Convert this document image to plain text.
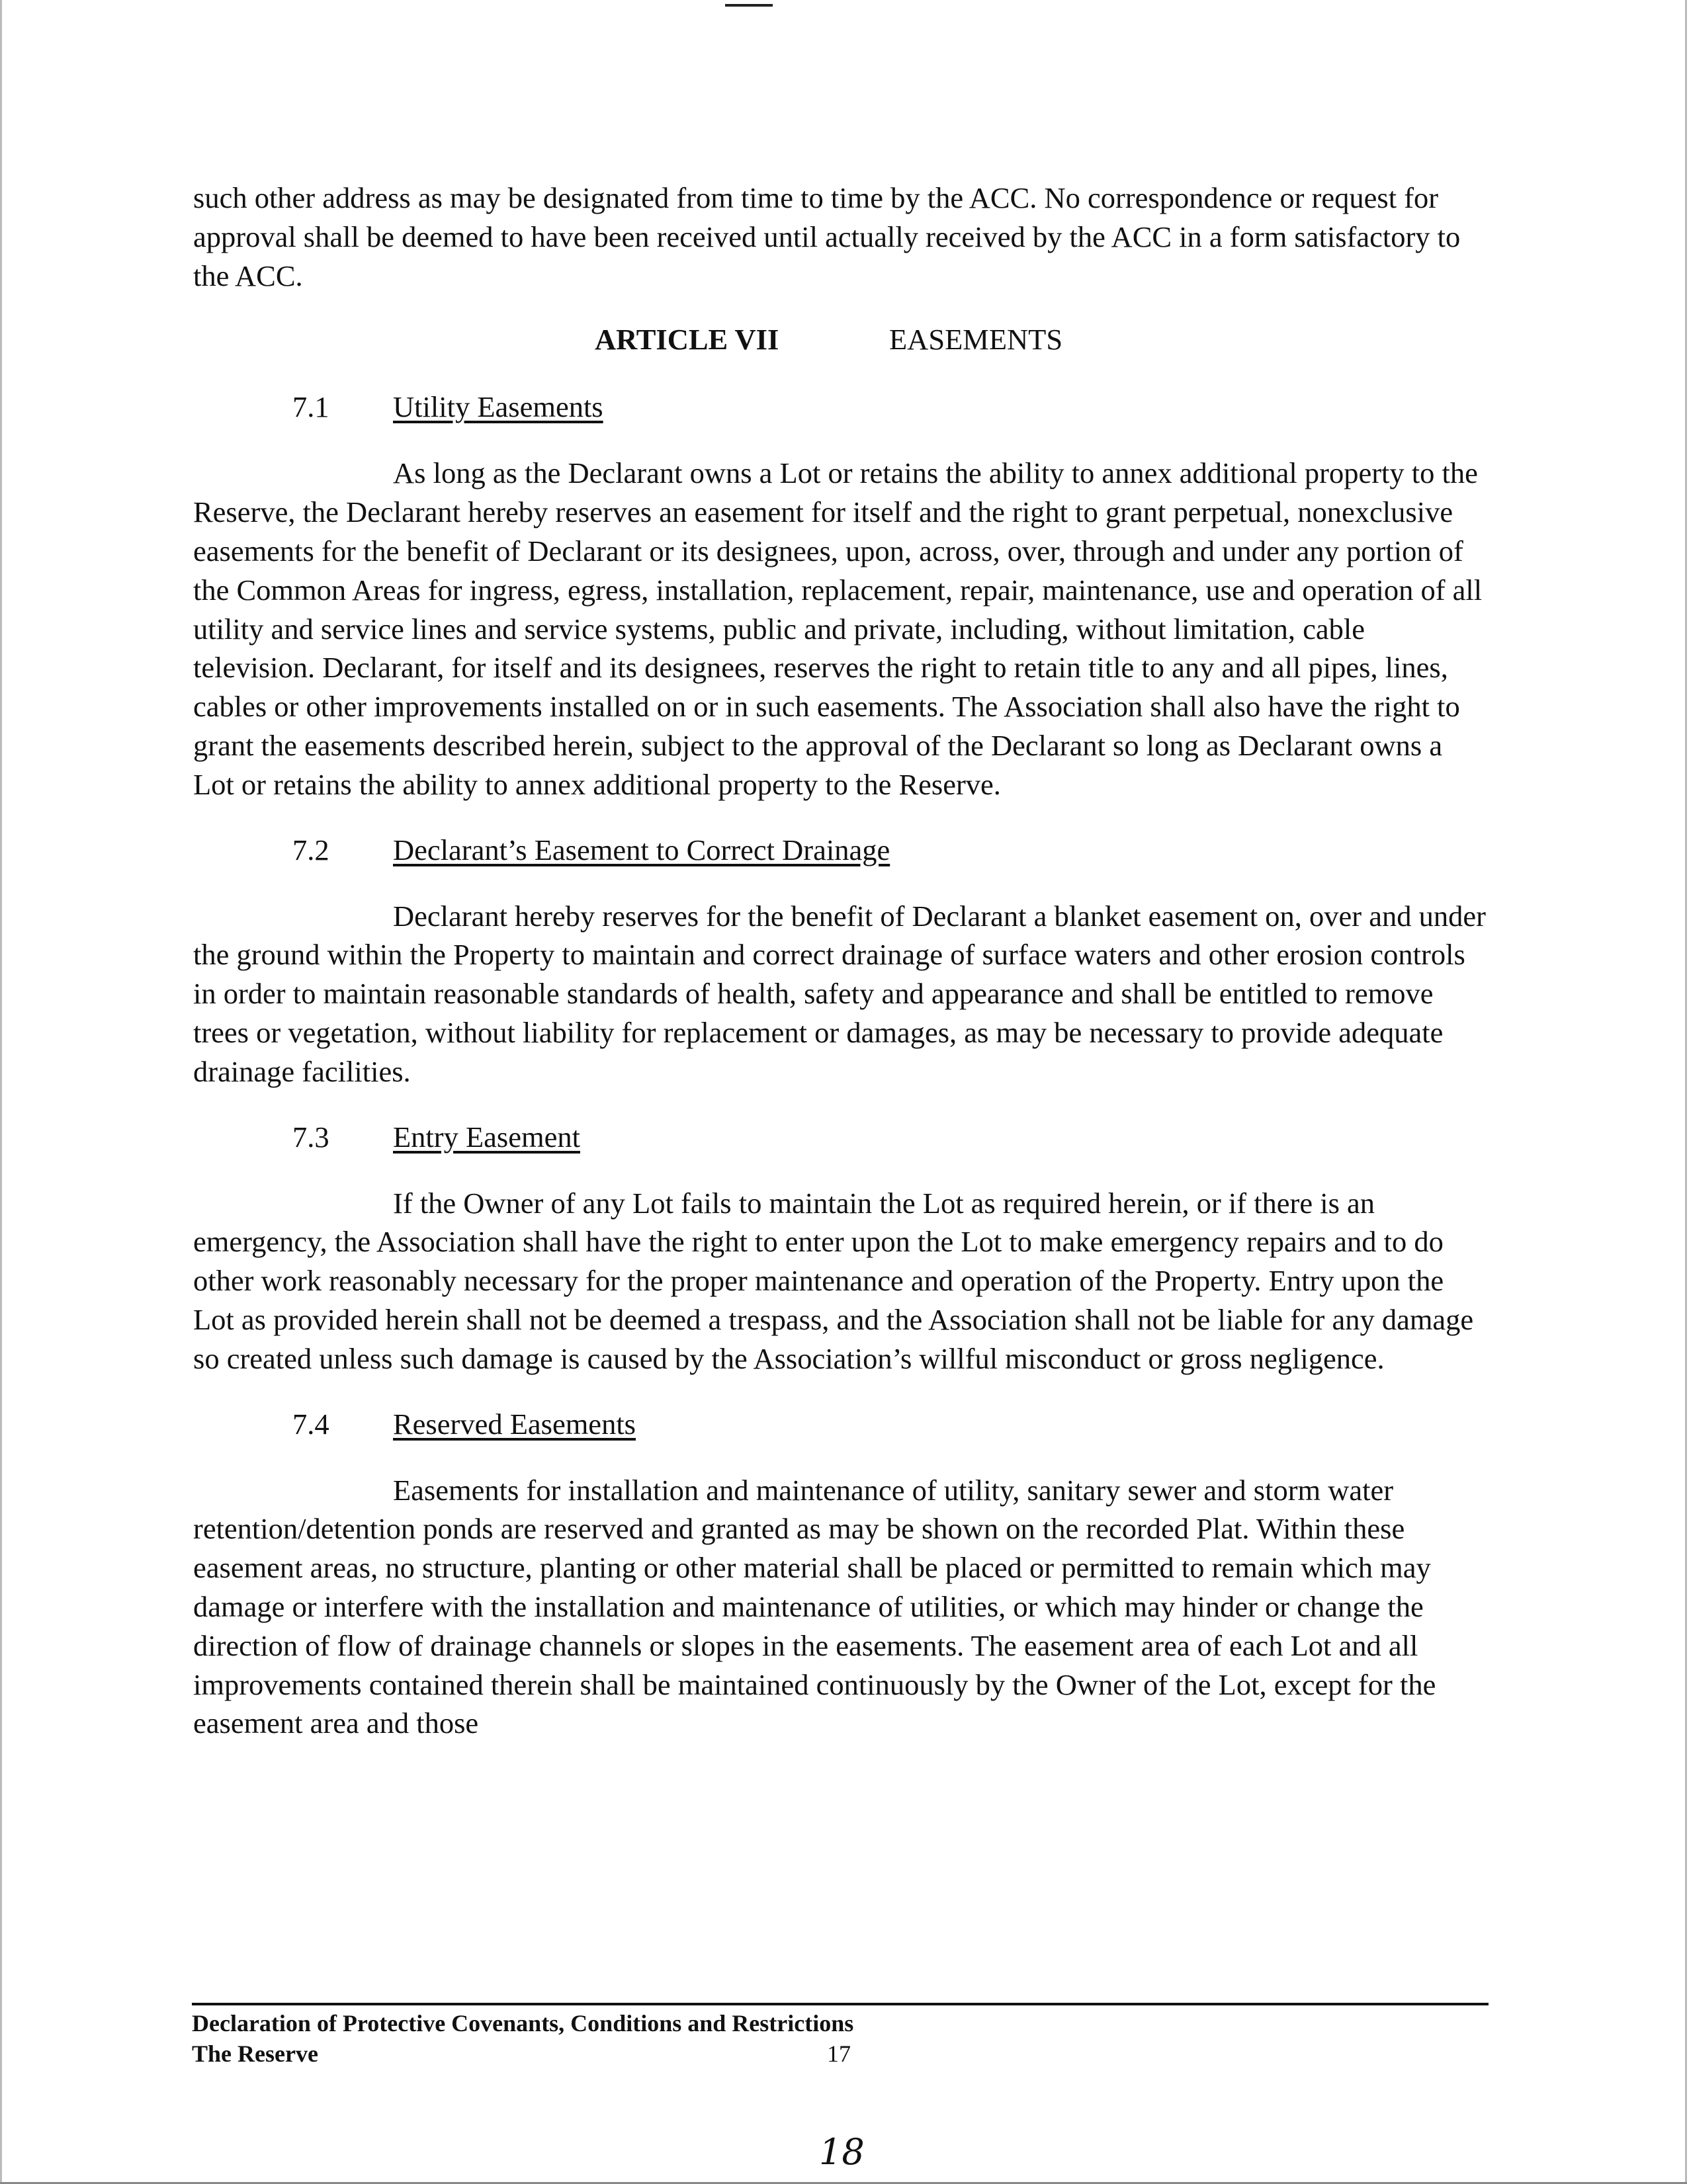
such other address as may be designated from time to time by the ACC. No correspondence or request for approval shall be deemed to have been received until actually received by the ACC in a form satisfactory to the ACC.

ARTICLE VII	EASEMENTS
7.1 Utility Easements

As long as the Declarant owns a Lot or retains the ability to annex additional property to the Reserve, the Declarant hereby reserves an easement for itself and the right to grant perpetual, nonexclusive easements for the benefit of Declarant or its designees, upon, across, over, through and under any portion of the Common Areas for ingress, egress, installation, replacement, repair, maintenance, use and operation of all utility and service lines and service systems, public and private, including, without limitation, cable television. Declarant, for itself and its designees, reserves the right to retain title to any and all pipes, lines, cables or other improvements installed on or in such easements. The Association shall also have the right to grant the easements described herein, subject to the approval of the Declarant so long as Declarant owns a Lot or retains the ability to annex additional property to the Reserve.

7.2 Declarant’s Easement to Correct Drainage

Declarant hereby reserves for the benefit of Declarant a blanket easement on, over and under the ground within the Property to maintain and correct drainage of surface waters and other erosion controls in order to maintain reasonable standards of health, safety and appearance and shall be entitled to remove trees or vegetation, without liability for replacement or damages, as may be necessary to provide adequate drainage facilities.

7.3 Entry Easement

If the Owner of any Lot fails to maintain the Lot as required herein, or if there is an emergency, the Association shall have the right to enter upon the Lot to make emergency repairs and to do other work reasonably necessary for the proper maintenance and operation of the Property. Entry upon the Lot as provided herein shall not be deemed a trespass, and the Association shall not be liable for any damage so created unless such damage is caused by the Association’s willful misconduct or gross negligence.

7.4 Reserved Easements

Easements for installation and maintenance of utility, sanitary sewer and storm water retention/detention ponds are reserved and granted as may be shown on the recorded Plat. Within these easement areas, no structure, planting or other material shall be placed or permitted to remain which may damage or interfere with the installation and maintenance of utilities, or which may hinder or change the direction of flow of drainage channels or slopes in the easements. The easement area of each Lot and all improvements contained therein shall be maintained continuously by the Owner of the Lot, except for the easement area and those

Declaration of Protective Covenants, Conditions and Restrictions
The Reserve	17
18
